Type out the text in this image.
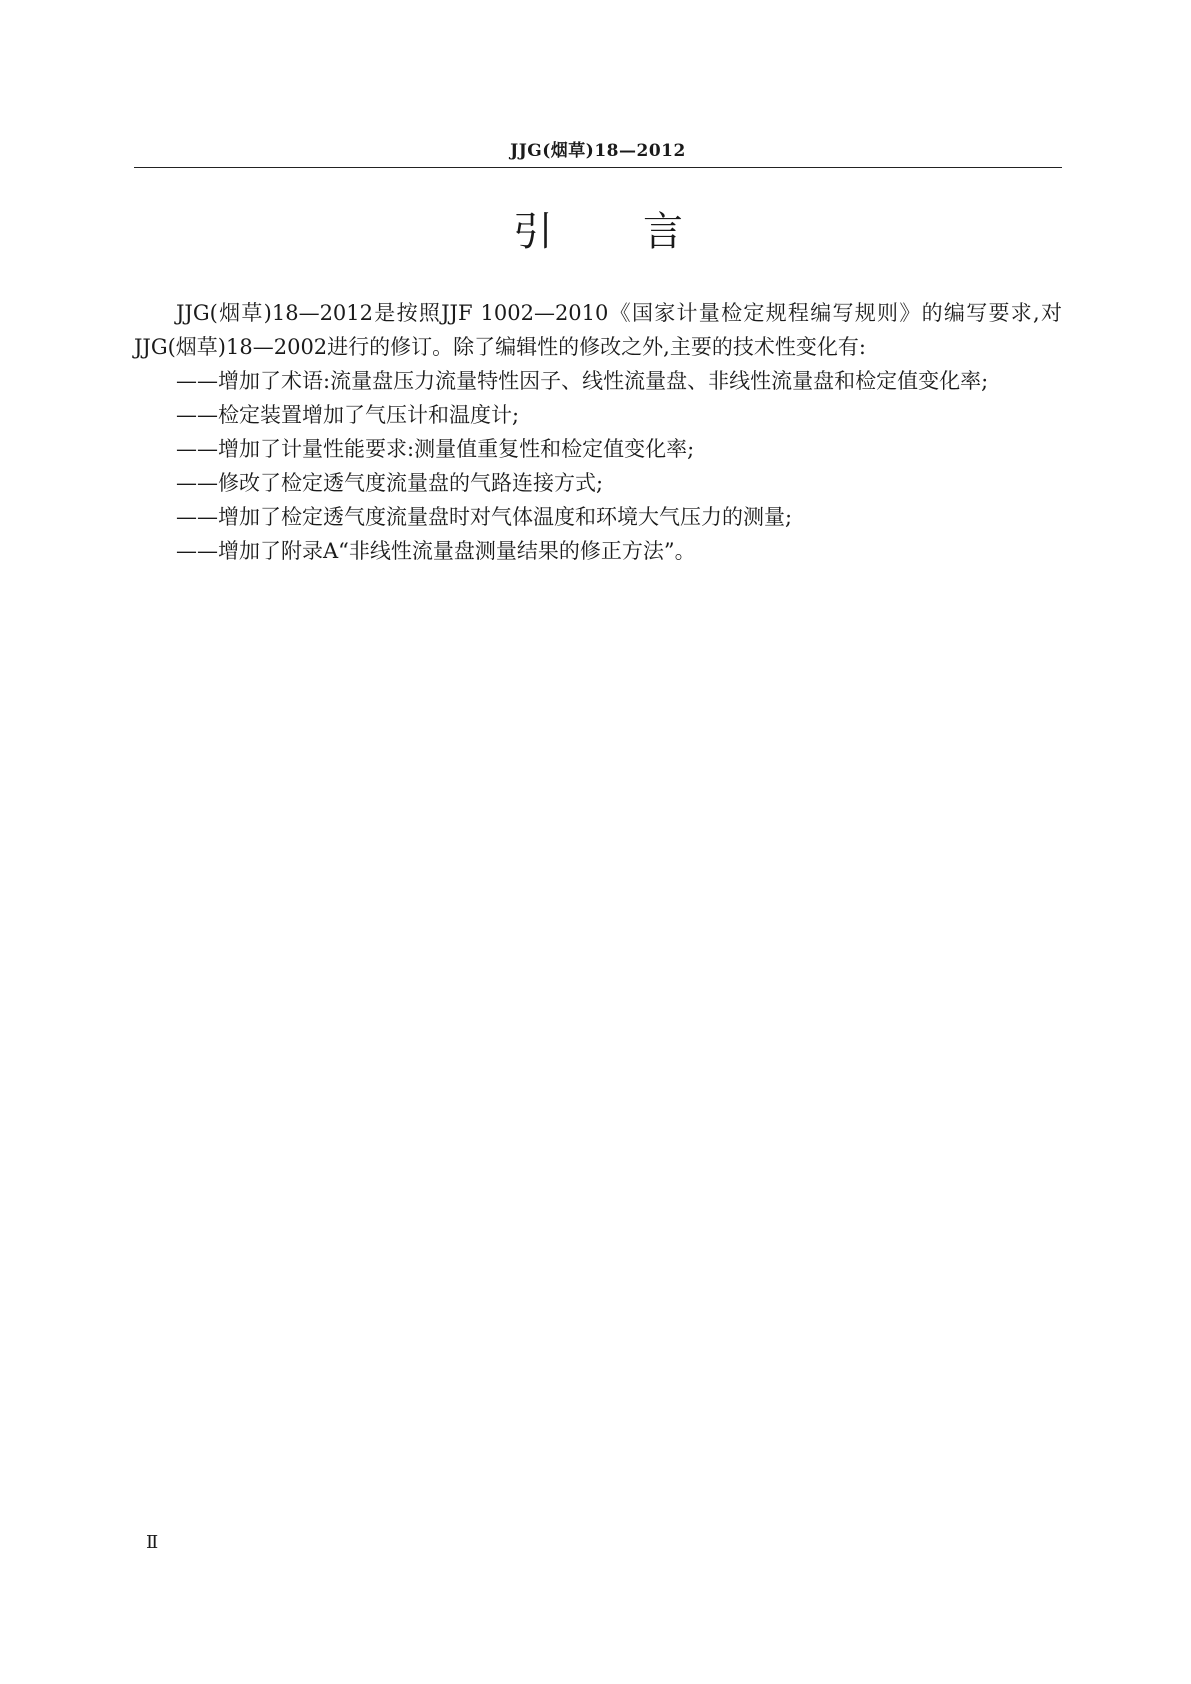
JJG(烟草)18—2012
引言

JJG(烟草)18—2012是按照JJF 1002—2010《国家计量检定规程编写规则》的编写要求,对JJG(烟草)18—2002进行的修订。除了编辑性的修改之外,主要的技术性变化有:

——增加了术语:流量盘压力流量特性因子、线性流量盘、非线性流量盘和检定值变化率;

——检定装置增加了气压计和温度计;

——增加了计量性能要求:测量值重复性和检定值变化率;

——修改了检定透气度流量盘的气路连接方式;

——增加了检定透气度流量盘时对气体温度和环境大气压力的测量;

——增加了附录A“非线性流量盘测量结果的修正方法”。

Ⅱ
